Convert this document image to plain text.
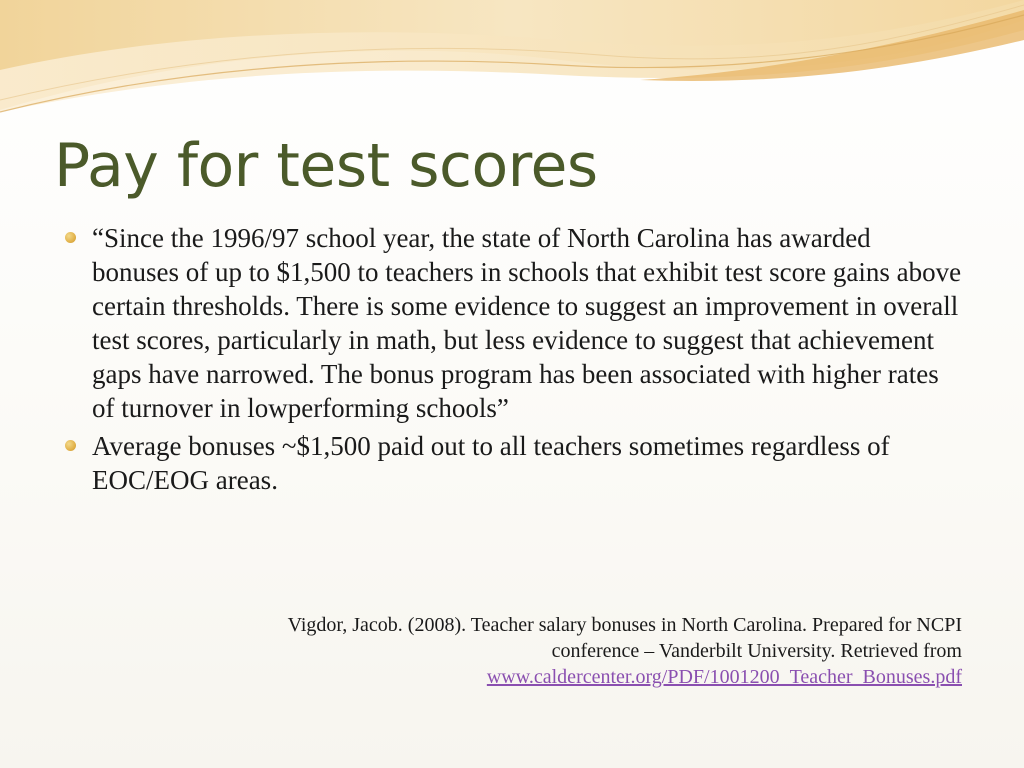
Pay for test scores
“Since the 1996/97 school year, the state of North Carolina has awarded bonuses of up to $1,500 to teachers in schools that exhibit test score gains above certain thresholds. There is some evidence to suggest an improvement in overall test scores, particularly in math, but less evidence to suggest that achievement gaps have narrowed. The bonus program has been associated with higher rates of turnover in lowperforming schools”
Average bonuses ~$1,500 paid out to all teachers sometimes regardless of EOC/EOG areas.
Vigdor, Jacob. (2008). Teacher salary bonuses in North Carolina. Prepared for NCPI
conference – Vanderbilt University. Retrieved from
www.caldercenter.org/PDF/1001200_Teacher_Bonuses.pdf
